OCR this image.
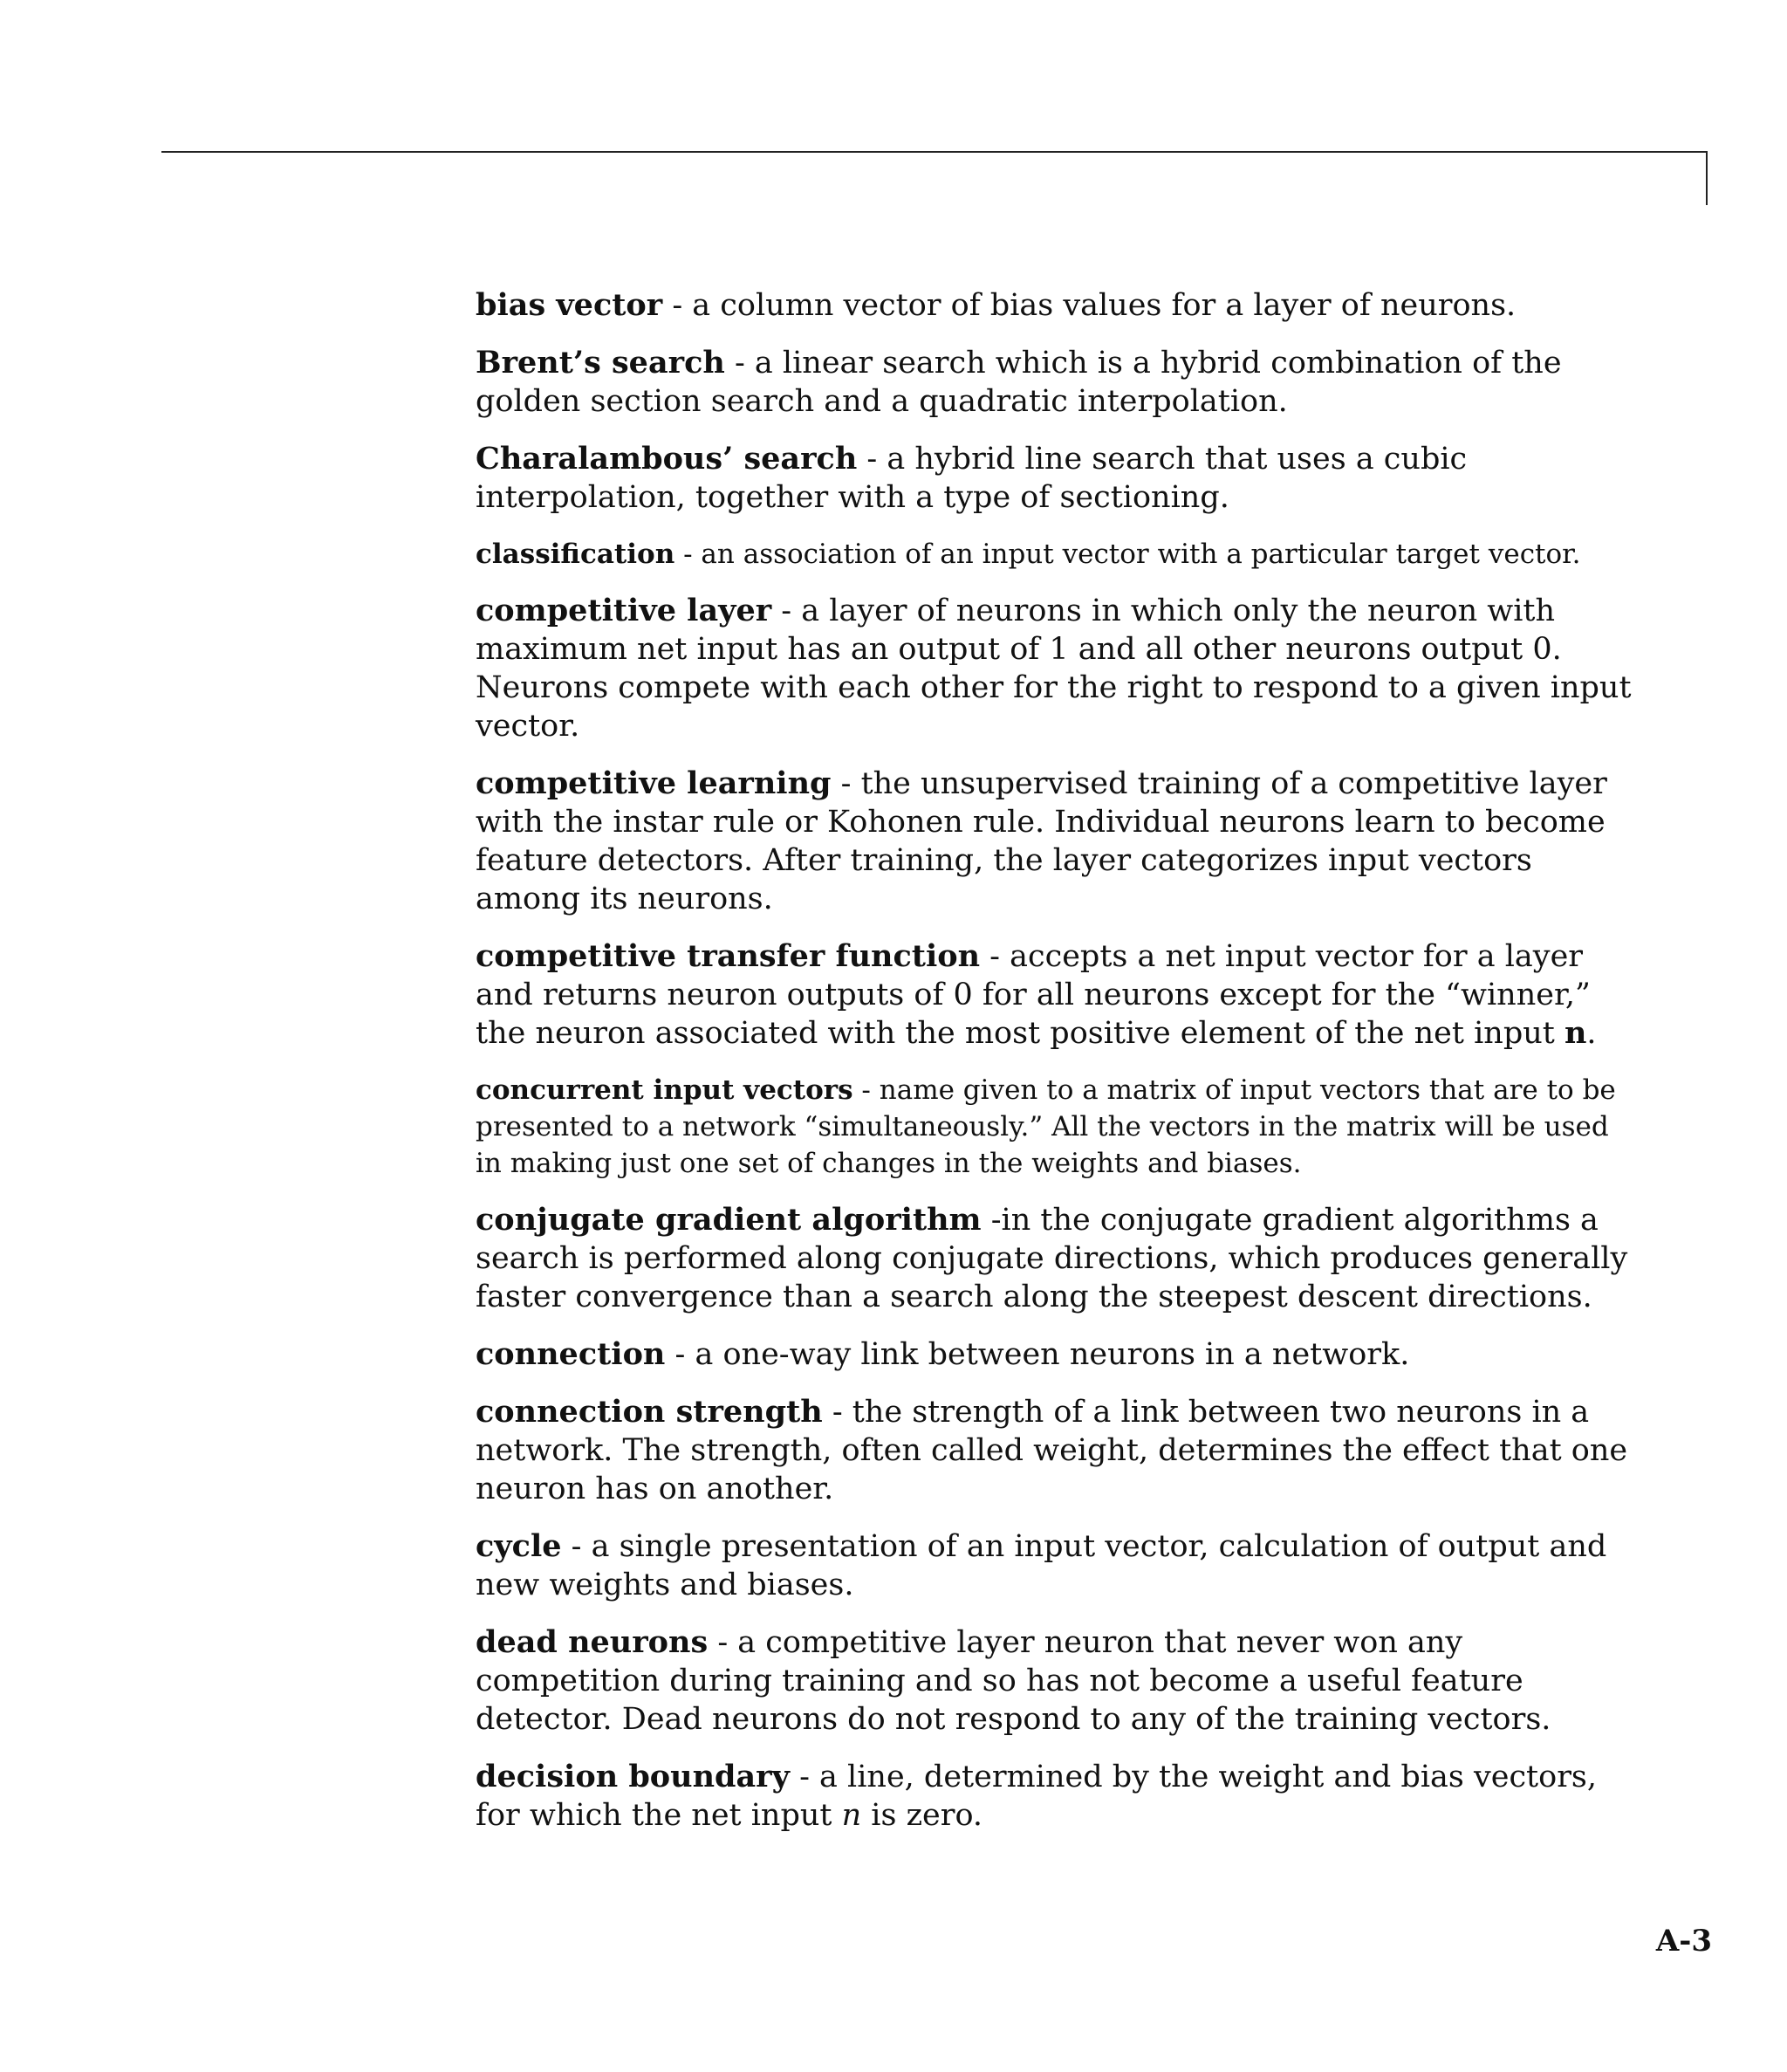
bias vector - a column vector of bias values for a layer of neurons.

Brent’s search - a linear search which is a hybrid combination of the golden section search and a quadratic interpolation.

Charalambous’ search - a hybrid line search that uses a cubic interpolation, together with a type of sectioning.

classification - an association of an input vector with a particular target vector.

competitive layer - a layer of neurons in which only the neuron with maximum net input has an output of 1 and all other neurons output 0. Neurons compete with each other for the right to respond to a given input vector.

competitive learning - the unsupervised training of a competitive layer with the instar rule or Kohonen rule. Individual neurons learn to become feature detectors. After training, the layer categorizes input vectors among its neurons.

competitive transfer function - accepts a net input vector for a layer and returns neuron outputs of 0 for all neurons except for the “winner,” the neuron associated with the most positive element of the net input n.

concurrent input vectors - name given to a matrix of input vectors that are to be presented to a network “simultaneously.” All the vectors in the matrix will be used in making just one set of changes in the weights and biases.

conjugate gradient algorithm -in the conjugate gradient algorithms a search is performed along conjugate directions, which produces generally faster convergence than a search along the steepest descent directions.

connection - a one-way link between neurons in a network.

connection strength - the strength of a link between two neurons in a network. The strength, often called weight, determines the effect that one neuron has on another.

cycle - a single presentation of an input vector, calculation of output and new weights and biases.

dead neurons - a competitive layer neuron that never won any competition during training and so has not become a useful feature detector. Dead neurons do not respond to any of the training vectors.

decision boundary - a line, determined by the weight and bias vectors, for which the net input n is zero.

A-3
